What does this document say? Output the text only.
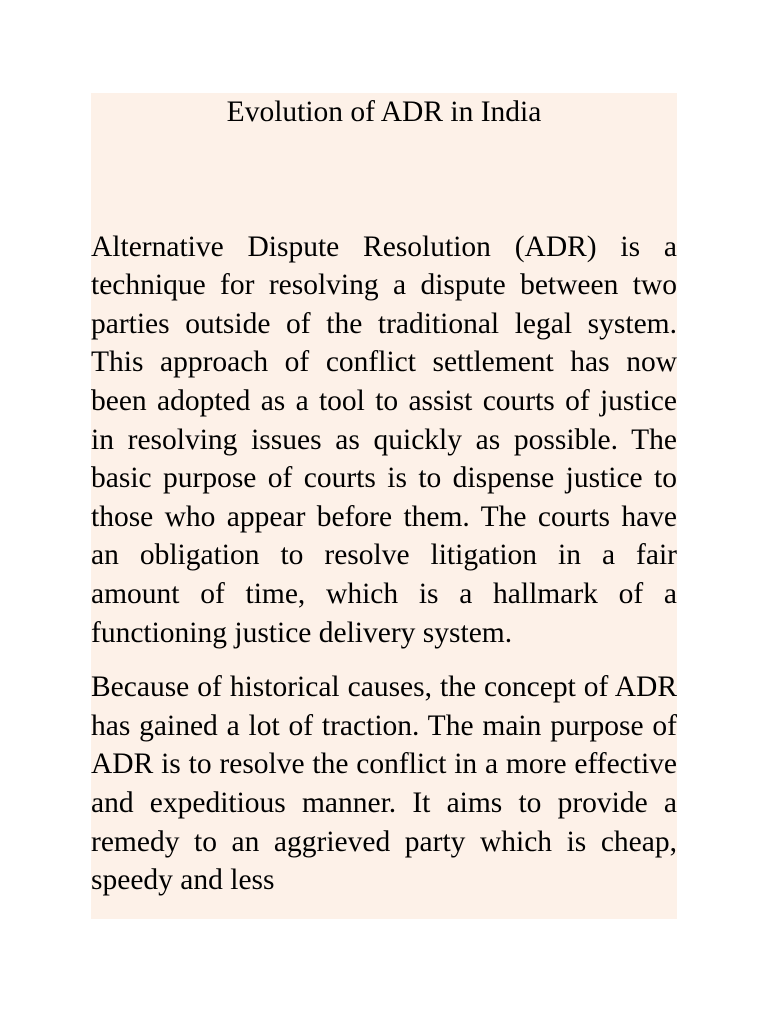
Evolution of ADR in India

Alternative Dispute Resolution (ADR) is a technique for resolving a dispute between two parties outside of the traditional legal system. This approach of conflict settlement has now been adopted as a tool to assist courts of justice in resolving issues as quickly as possible. The basic purpose of courts is to dispense justice to those who appear before them. The courts have an obligation to resolve litigation in a fair amount of time, which is a hallmark of a functioning justice delivery system.

Because of historical causes, the concept of ADR has gained a lot of traction. The main purpose of ADR is to resolve the conflict in a more effective and expeditious manner. It aims to provide a remedy to an aggrieved party which is cheap, speedy and less
